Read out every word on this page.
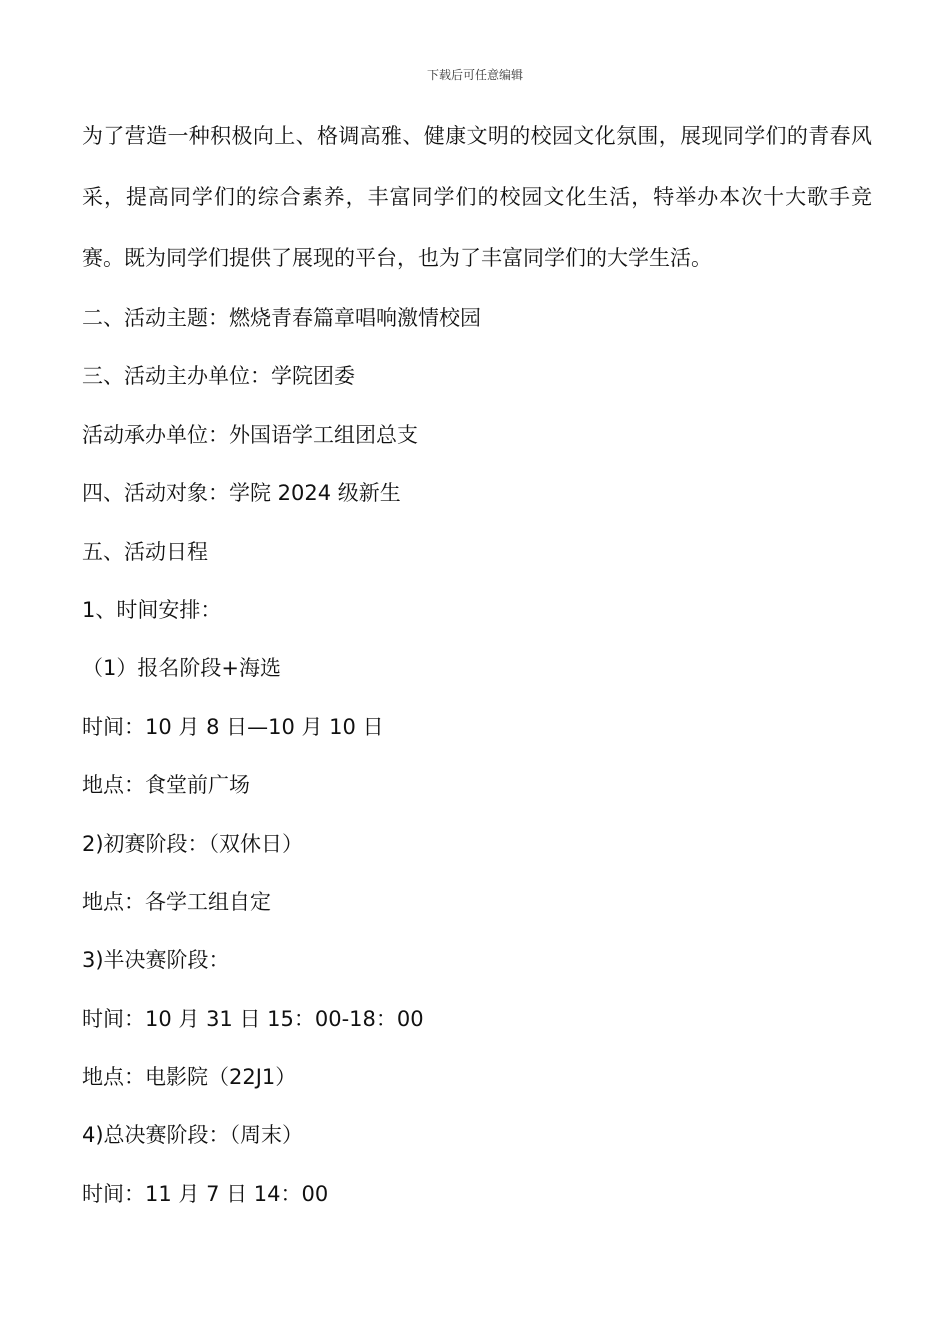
下载后可任意编辑

为了营造一种积极向上、格调高雅、健康文明的校园文化氛围，展现同学们的青春风采，提高同学们的综合素养，丰富同学们的校园文化生活，特举办本次十大歌手竞赛。既为同学们提供了展现的平台，也为了丰富同学们的大学生活。

二、活动主题：燃烧青春篇章唱响激情校园
三、活动主办单位：学院团委
活动承办单位：外国语学工组团总支
四、活动对象：学院 2024 级新生
五、活动日程
1、时间安排：
（1）报名阶段+海选
时间：10 月 8 日—10 月 10 日
地点：食堂前广场
2)初赛阶段：（双休日）
地点：各学工组自定
3)半决赛阶段：
时间：10 月 31 日 15：00-18：00
地点：电影院（22J1）
4)总决赛阶段：（周末）
时间：11 月 7 日 14：00
